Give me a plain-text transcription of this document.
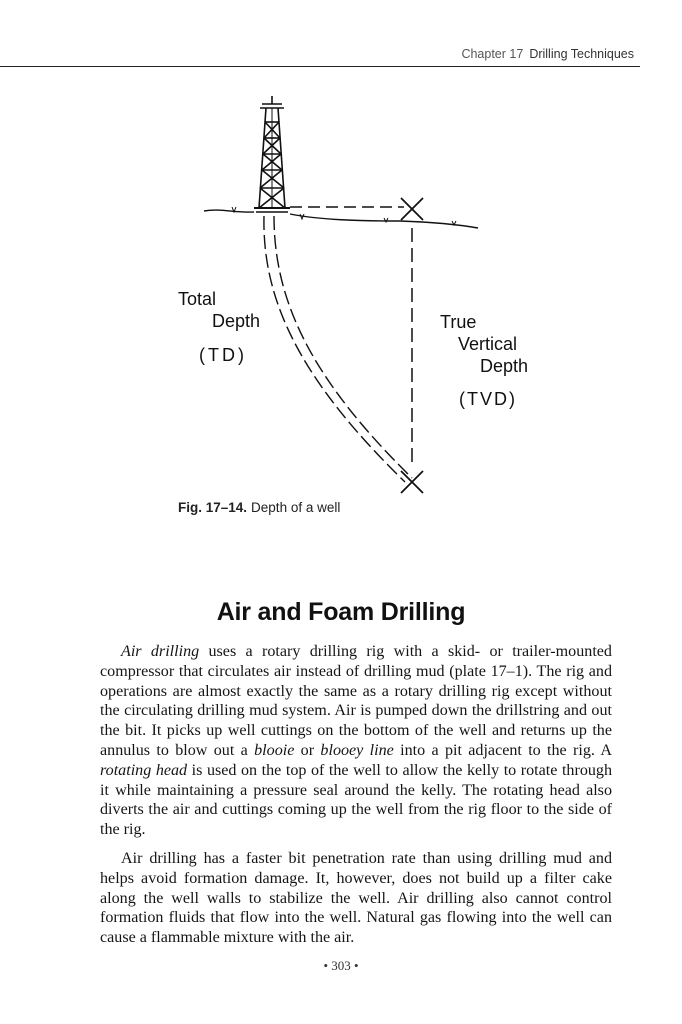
Chapter 17 Drilling Techniques
Total
Depth
(TD)
True
Vertical
Depth
(TVD)
Fig. 17–14. Depth of a well
Air and Foam Drilling

Air drilling uses a rotary drilling rig with a skid- or trailer-mounted compressor that circulates air instead of drilling mud (plate 17–1). The rig and operations are almost exactly the same as a rotary drilling rig except without the circulating drilling mud system. Air is pumped down the drillstring and out the bit. It picks up well cuttings on the bottom of the well and returns up the annulus to blow out a blooie or blooey line into a pit adjacent to the rig. A rotating head is used on the top of the well to allow the kelly to rotate through it while maintaining a pressure seal around the kelly. The rotating head also diverts the air and cuttings coming up the well from the rig floor to the side of the rig.

Air drilling has a faster bit penetration rate than using drilling mud and helps avoid formation damage. It, however, does not build up a filter cake along the well walls to stabilize the well. Air drilling also cannot control formation fluids that flow into the well. Natural gas flowing into the well can cause a flammable mixture with the air.

• 303 •
